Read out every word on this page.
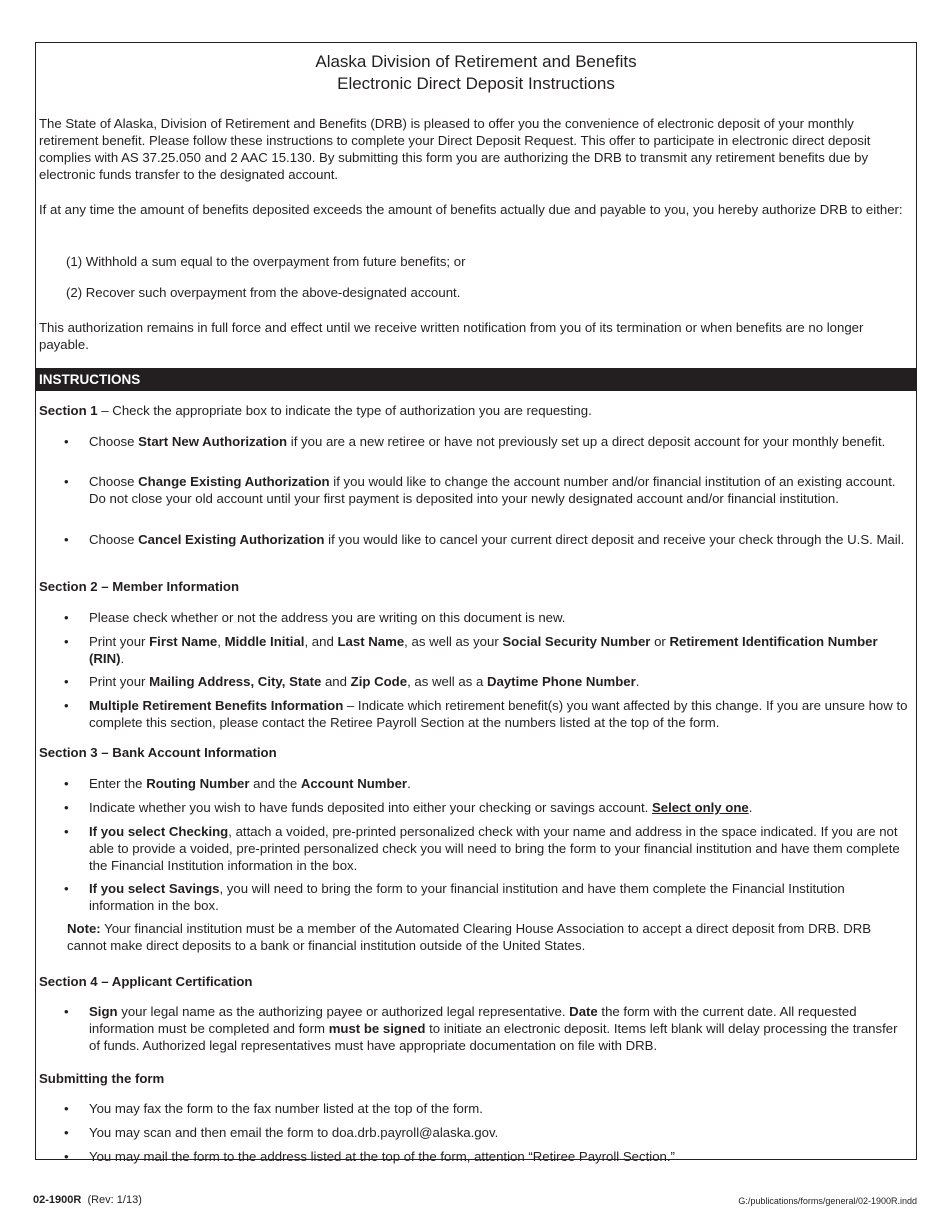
Alaska Division of Retirement and Benefits
Electronic Direct Deposit Instructions

The State of Alaska, Division of Retirement and Benefits (DRB) is pleased to offer you the convenience of electronic deposit of your monthly retirement benefit. Please follow these instructions to complete your Direct Deposit Request. This offer to participate in electronic direct deposit complies with AS 37.25.050 and 2 AAC 15.130. By submitting this form you are authorizing the DRB to transmit any retirement benefits due by electronic funds transfer to the designated account.

If at any time the amount of benefits deposited exceeds the amount of benefits actually due and payable to you, you hereby authorize DRB to either:

(1) Withhold a sum equal to the overpayment from future benefits; or

(2) Recover such overpayment from the above-designated account.

This authorization remains in full force and effect until we receive written notification from you of its termination or when benefits are no longer payable.

INSTRUCTIONS

Section 1 – Check the appropriate box to indicate the type of authorization you are requesting.

•	Choose Start New Authorization if you are a new retiree or have not previously set up a direct deposit account for your monthly benefit.

•	Choose Change Existing Authorization if you would like to change the account number and/or financial institution of an existing account. Do not close your old account until your first payment is deposited into your newly designated account and/or financial institution.

•	Choose Cancel Existing Authorization if you would like to cancel your current direct deposit and receive your check through the U.S. Mail.

Section 2 – Member Information

•	Please check whether or not the address you are writing on this document is new.

•	Print your First Name, Middle Initial, and Last Name, as well as your Social Security Number or Retirement Identification Number (RIN).

•	Print your Mailing Address, City, State and Zip Code, as well as a Daytime Phone Number.

•	Multiple Retirement Benefits Information – Indicate which retirement benefit(s) you want affected by this change. If you are unsure how to complete this section, please contact the Retiree Payroll Section at the numbers listed at the top of the form.

Section 3 – Bank Account Information

•	Enter the Routing Number and the Account Number.

•	Indicate whether you wish to have funds deposited into either your checking or savings account. Select only one.

•	If you select Checking, attach a voided, pre-printed personalized check with your name and address in the space indicated. If you are not able to provide a voided, pre-printed personalized check you will need to bring the form to your financial institution and have them complete the Financial Institution information in the box.

•	If you select Savings, you will need to bring the form to your financial institution and have them complete the Financial Institution information in the box.

Note: Your financial institution must be a member of the Automated Clearing House Association to accept a direct deposit from DRB. DRB cannot make direct deposits to a bank or financial institution outside of the United States.

Section 4 – Applicant Certification

•	Sign your legal name as the authorizing payee or authorized legal representative. Date the form with the current date. All requested information must be completed and form must be signed to initiate an electronic deposit. Items left blank will delay processing the transfer of funds. Authorized legal representatives must have appropriate documentation on file with DRB.

Submitting the form

•	You may fax the form to the fax number listed at the top of the form.

•	You may scan and then email the form to doa.drb.payroll@alaska.gov.

•	You may mail the form to the address listed at the top of the form, attention “Retiree Payroll Section.”

02-1900R (Rev: 1/13)	G:/publications/forms/general/02-1900R.indd
